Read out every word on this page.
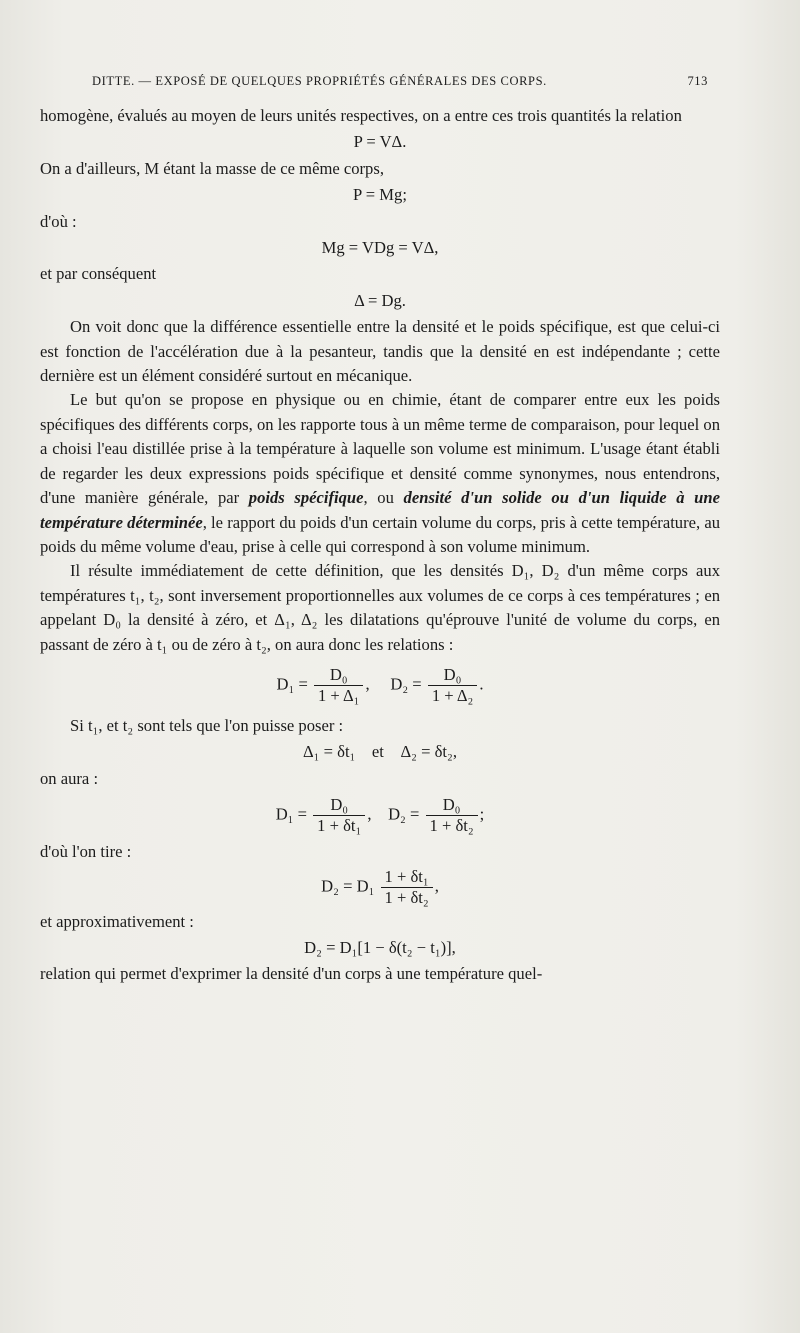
DITTE. — EXPOSÉ DE QUELQUES PROPRIÉTÉS GÉNÉRALES DES CORPS.	713

homogène, évalués au moyen de leurs unités respectives, on a entre ces trois quantités la relation

P = VΔ.

On a d'ailleurs, M étant la masse de ce même corps,

P = Mg;

d'où :

Mg = VDg = VΔ,

et par conséquent

Δ = Dg.

On voit donc que la différence essentielle entre la densité et le poids spécifique, est que celui-ci est fonction de l'accélération due à la pesanteur, tandis que la densité en est indépendante ; cette dernière est un élément considéré surtout en mécanique.

Le but qu'on se propose en physique ou en chimie, étant de comparer entre eux les poids spécifiques des différents corps, on les rapporte tous à un même terme de comparaison, pour lequel on a choisi l'eau distillée prise à la température à laquelle son volume est minimum. L'usage étant établi de regarder les deux expressions poids spécifique et densité comme synonymes, nous entendrons, d'une manière générale, par poids spécifique, ou densité d'un solide ou d'un liquide à une température déterminée, le rapport du poids d'un certain volume du corps, pris à cette température, au poids du même volume d'eau, prise à celle qui correspond à son volume minimum.

Il résulte immédiatement de cette définition, que les densités D₁, D₂ d'un même corps aux températures t₁, t₂, sont inversement proportionnelles aux volumes de ce corps à ces températures ; en appelant D₀ la densité à zéro, et Δ₁, Δ₂ les dilatations qu'éprouve l'unité de volume du corps, en passant de zéro à t₁ ou de zéro à t₂, on aura donc les relations :

$D_1 = \frac{\text{D₀}}{\text{1 + Δ₁}}$ , $D_2 = \frac{\text{D₀}}{\text{1 + Δ₂}}$ .

Si t₁, et t₂ sont tels que l'on puisse poser :

Δ₁ = δt₁    et    Δ₂ = δt₂,

on aura :

$D_1 = \frac{\text{D₀}}{\text{1 + δt₁}}$ , $D_2 = \frac{\text{D₀}}{\text{1 + δt₂}}$ ;

d'où l'on tire :

$D_2 = D_1 \frac{\text{1 + δt₁}}{\text{1 + δt₂}}$ ,

et approximativement :

D₂ = D₁[1 − δ(t₂ − t₁)],

relation qui permet d'exprimer la densité d'un corps à une température quel-
